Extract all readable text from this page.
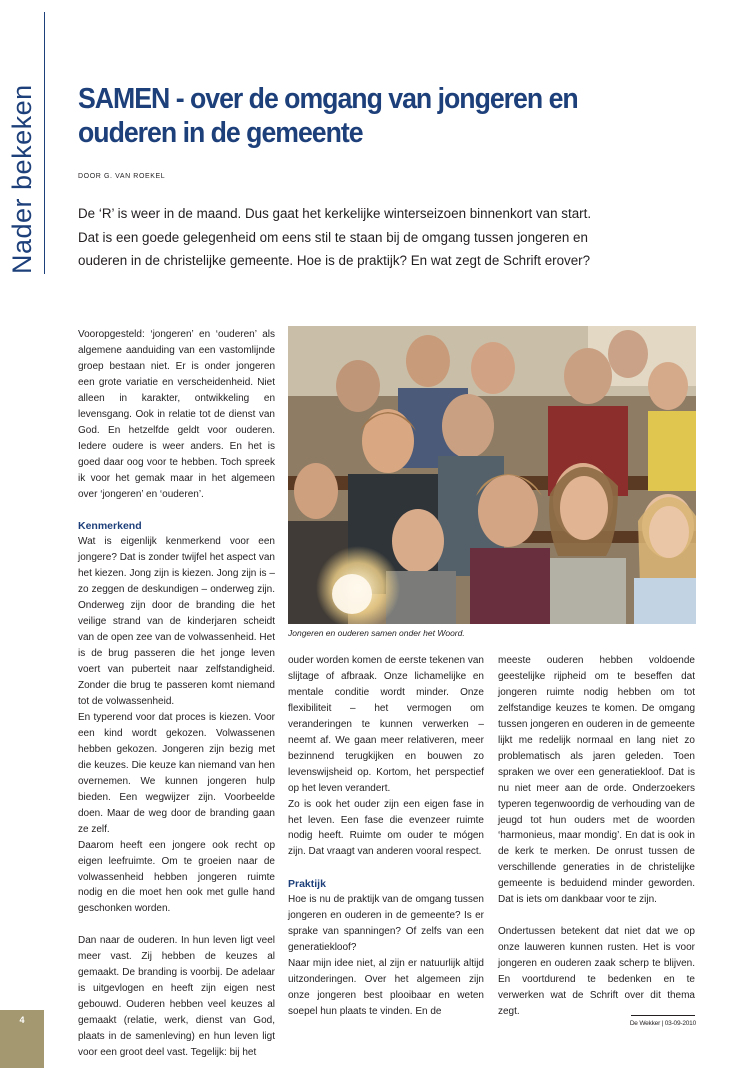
Nader bekeken SAMEN - over de omgang van jongeren en ouderen in de gemeente
DOOR G. VAN ROEKEL

De ‘R’ is weer in de maand. Dus gaat het kerkelijke winterseizoen binnenkort van start. Dat is een goede gelegenheid om eens stil te staan bij de omgang tussen jongeren en ouderen in de christelijke gemeente. Hoe is de praktijk? En wat zegt de Schrift erover?

Vooropgesteld: ‘jongeren’ en ‘ouderen’ als algemene aanduiding van een vastomlijnde groep bestaan niet. Er is onder jongeren een grote variatie en verscheidenheid. Niet alleen in karakter, ontwikkeling en levensgang. Ook in relatie tot de dienst van God. En hetzelfde geldt voor ouderen. Iedere oudere is weer anders. En het is goed daar oog voor te hebben. Toch spreek ik voor het gemak maar in het algemeen over ‘jongeren’ en ‘ouderen’.

Kenmerkend

Wat is eigenlijk kenmerkend voor een jongere? Dat is zonder twijfel het aspect van het kiezen. Jong zijn is kiezen. Jong zijn is – zo zeggen de deskundigen – onderweg zijn. Onderweg zijn door de branding die het veilige strand van de kinderjaren scheidt van de open zee van de volwassenheid. Het is de brug passeren die het jonge leven voert van puberteit naar zelfstandigheid. Zonder die brug te passeren komt niemand tot de volwassenheid.

En typerend voor dat proces is kiezen. Voor een kind wordt gekozen. Volwassenen hebben gekozen. Jongeren zijn bezig met die keuzes. Die keuze kan niemand van hen overnemen. We kunnen jongeren hulp bieden. Een wegwijzer zijn. Voorbeelde doen. Maar de weg door de branding gaan ze zelf.

Daarom heeft een jongere ook recht op eigen leefruimte. Om te groeien naar de volwassenheid hebben jongeren ruimte nodig en die moet hen ook met gulle hand geschonken worden.

Dan naar de ouderen. In hun leven ligt veel meer vast. Zij hebben de keuzes al gemaakt. De branding is voorbij. De adelaar is uitgevlogen en heeft zijn eigen nest gebouwd. Ouderen hebben veel keuzes al gemaakt (relatie, werk, dienst van God, plaats in de samenleving) en hun leven ligt voor een groot deel vast. Tegelijk: bij het

Jongeren en ouderen samen onder het Woord.

ouder worden komen de eerste tekenen van slijtage of afbraak. Onze lichamelijke en mentale conditie wordt minder. Onze flexibiliteit – het vermogen om veranderingen te kunnen verwerken – neemt af. We gaan meer relativeren, meer bezinnend terugkijken en bouwen zo levenswijsheid op. Kortom, het perspectief op het leven verandert.

Zo is ook het ouder zijn een eigen fase in het leven. Een fase die evenzeer ruimte nodig heeft. Ruimte om ouder te mógen zijn. Dat vraagt van anderen vooral respect.

Praktijk

Hoe is nu de praktijk van de omgang tussen jongeren en ouderen in de gemeente? Is er sprake van spanningen? Of zelfs van een generatiekloof?

Naar mijn idee niet, al zijn er natuurlijk altijd uitzonderingen. Over het algemeen zijn onze jongeren best plooibaar en weten soepel hun plaats te vinden. En de

meeste ouderen hebben voldoende geestelijke rijpheid om te beseffen dat jongeren ruimte nodig hebben om tot zelfstandige keuzes te komen. De omgang tussen jongeren en ouderen in de gemeente lijkt me redelijk normaal en lang niet zo problematisch als jaren geleden. Toen spraken we over een generatiekloof. Dat is nu niet meer aan de orde. Onderzoekers typeren tegenwoordig de verhouding van de jeugd tot hun ouders met de woorden ‘harmonieus, maar mondig’. En dat is ook in de kerk te merken. De onrust tussen de verschillende generaties in de christelijke gemeente is beduidend minder geworden. Dat is iets om dankbaar voor te zijn.

Ondertussen betekent dat niet dat we op onze lauweren kunnen rusten. Het is voor jongeren en ouderen zaak scherp te blijven. En voortdurend te bedenken en te verwerken wat de Schrift over dit thema zegt.

4	De Wekker | 03-09-2010
